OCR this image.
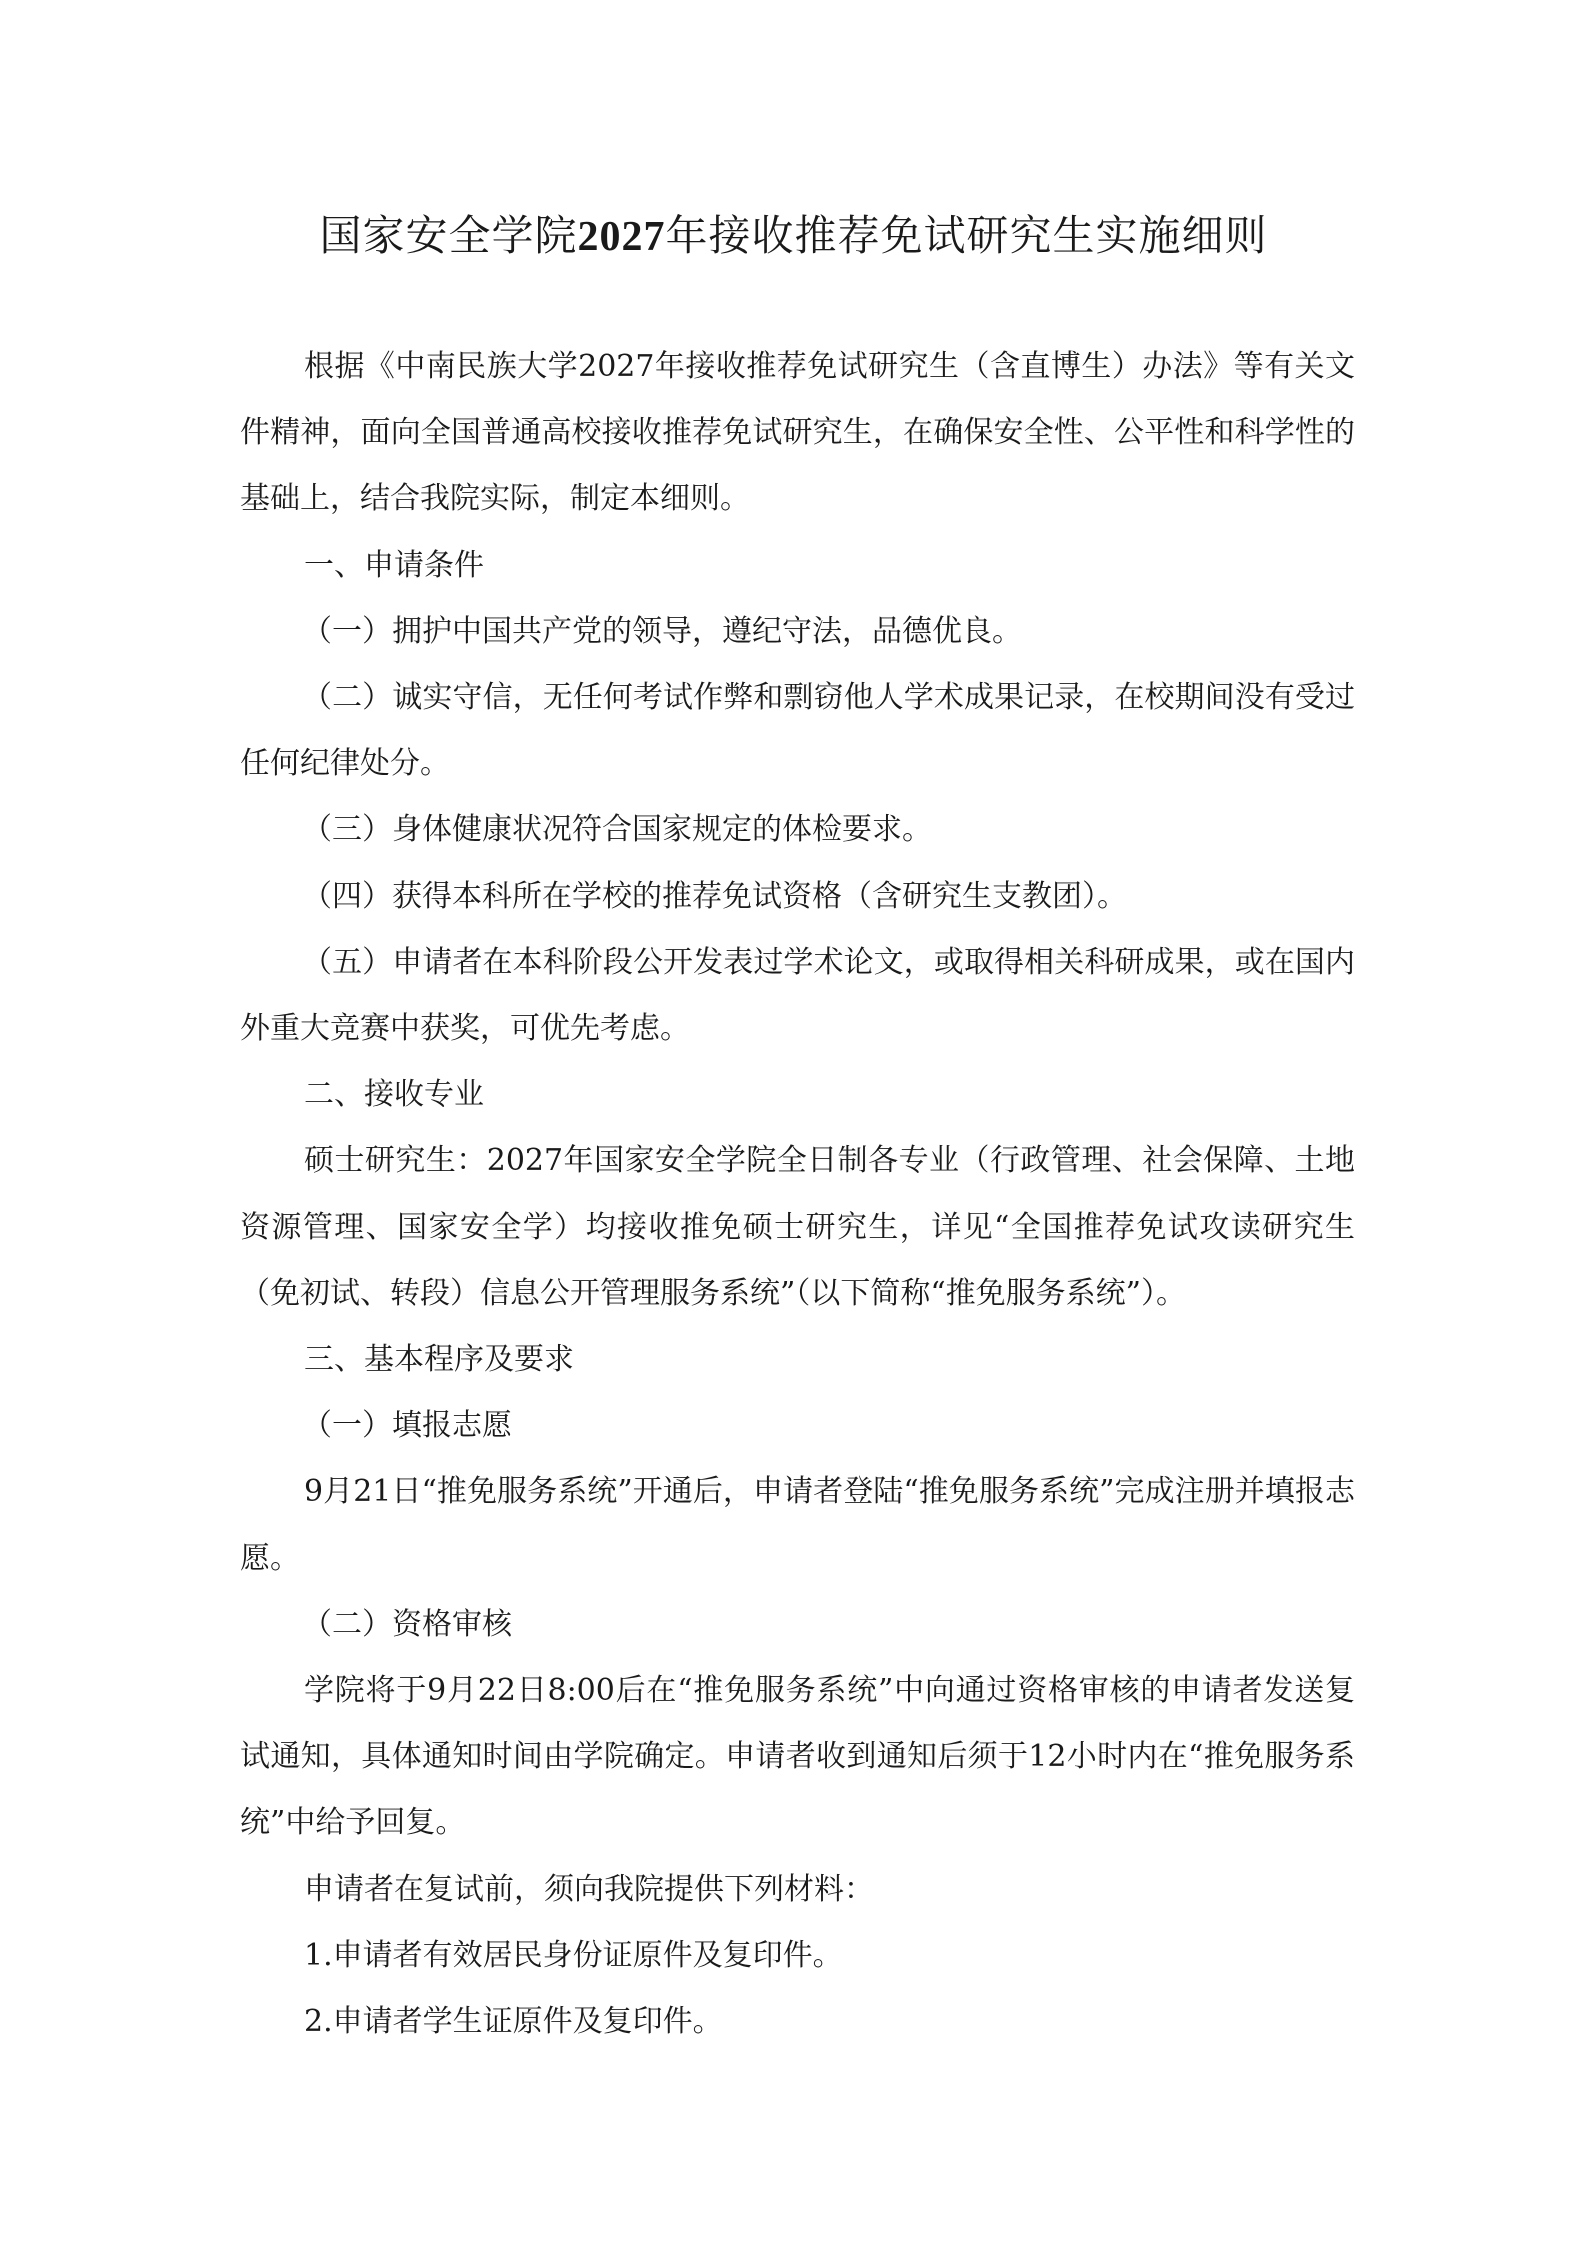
国家安全学院2027年接收推荐免试研究生实施细则

根据《中南民族大学2027年接收推荐免试研究生（含直博生）办法》等有关文件精神，面向全国普通高校接收推荐免试研究生，在确保安全性、公平性和科学性的基础上，结合我院实际，制定本细则。

一、申请条件

（一）拥护中国共产党的领导，遵纪守法，品德优良。

（二）诚实守信，无任何考试作弊和剽窃他人学术成果记录，在校期间没有受过任何纪律处分。

（三）身体健康状况符合国家规定的体检要求。

（四）获得本科所在学校的推荐免试资格（含研究生支教团）。

（五）申请者在本科阶段公开发表过学术论文，或取得相关科研成果，或在国内外重大竞赛中获奖，可优先考虑。

二、接收专业

硕士研究生：2027年国家安全学院全日制各专业（行政管理、社会保障、土地资源管理、国家安全学）均接收推免硕士研究生，详见“全国推荐免试攻读研究生（免初试、转段）信息公开管理服务系统”（以下简称“推免服务系统”）。

三、基本程序及要求

（一）填报志愿

9月21日“推免服务系统”开通后，申请者登陆“推免服务系统”完成注册并填报志愿。

（二）资格审核

学院将于9月22日8:00后在“推免服务系统”中向通过资格审核的申请者发送复试通知，具体通知时间由学院确定。申请者收到通知后须于12小时内在“推免服务系统”中给予回复。

申请者在复试前，须向我院提供下列材料：

1.申请者有效居民身份证原件及复印件。

2.申请者学生证原件及复印件。
